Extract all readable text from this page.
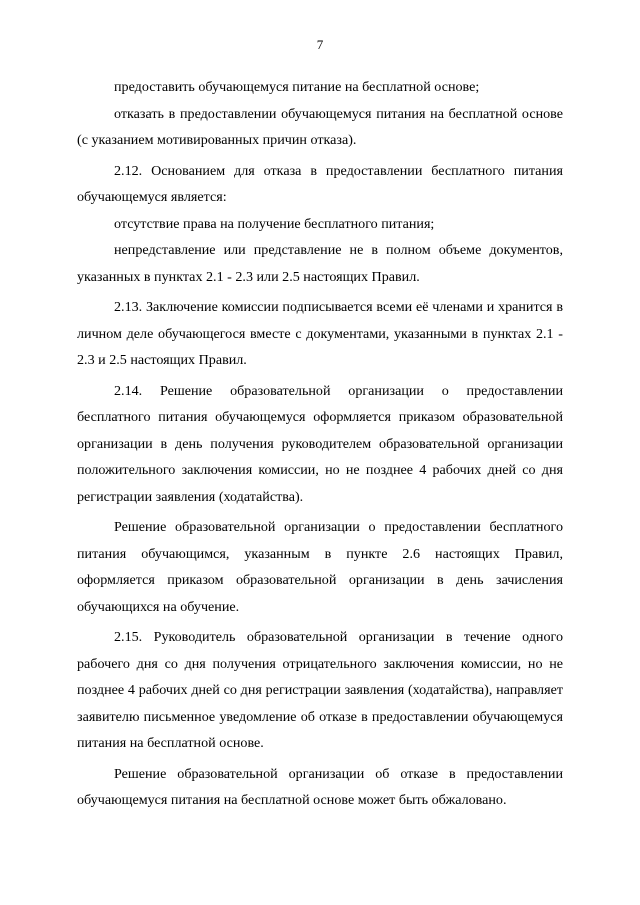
7

предоставить обучающемуся питание на бесплатной основе;

отказать в предоставлении обучающемуся питания на бесплатной основе (с указанием мотивированных причин отказа).

2.12. Основанием для отказа в предоставлении бесплатного питания обучающемуся является:

отсутствие права на получение бесплатного питания;

непредставление или представление не в полном объеме документов, указанных в пунктах 2.1 - 2.3 или 2.5 настоящих Правил.

2.13. Заключение комиссии подписывается всеми её членами и хранится в личном деле обучающегося вместе с документами, указанными в пунктах 2.1 - 2.3 и 2.5 настоящих Правил.

2.14. Решение образовательной организации о предоставлении бесплатного питания обучающемуся оформляется приказом образовательной организации в день получения руководителем образовательной организации положительного заключения комиссии, но не позднее 4 рабочих дней со дня регистрации заявления (ходатайства).

Решение образовательной организации о предоставлении бесплатного питания обучающимся, указанным в пункте 2.6 настоящих Правил, оформляется приказом образовательной организации в день зачисления обучающихся на обучение.

2.15. Руководитель образовательной организации в течение одного рабочего дня со дня получения отрицательного заключения комиссии, но не позднее 4 рабочих дней со дня регистрации заявления (ходатайства), направляет заявителю письменное уведомление об отказе в предоставлении обучающемуся питания на бесплатной основе.

Решение образовательной организации об отказе в предоставлении обучающемуся питания на бесплатной основе может быть обжаловано.
